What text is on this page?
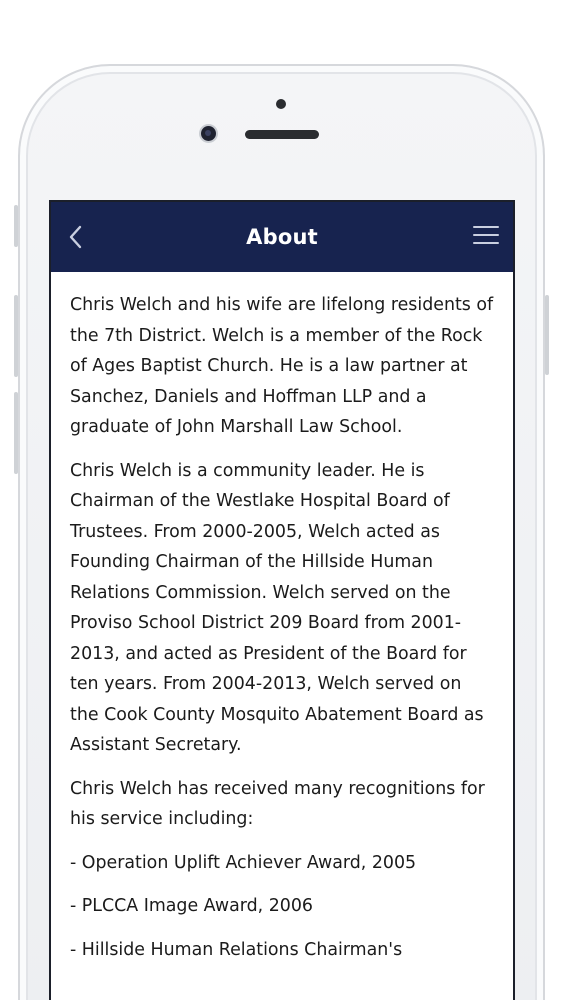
About

Chris Welch and his wife are lifelong residents of the 7th District. Welch is a member of the Rock of Ages Baptist Church. He is a law partner at Sanchez, Daniels and Hoffman LLP and a graduate of John Marshall Law School.

Chris Welch is a community leader. He is Chairman of the Westlake Hospital Board of Trustees. From 2000-2005, Welch acted as Founding Chairman of the Hillside Human Relations Commission. Welch served on the Proviso School District 209 Board from 2001-2013, and acted as President of the Board for ten years. From 2004-2013, Welch served on the Cook County Mosquito Abatement Board as Assistant Secretary.

Chris Welch has received many recognitions for his service including:

- Operation Uplift Achiever Award, 2005

- PLCCA Image Award, 2006

- Hillside Human Relations Chairman's
